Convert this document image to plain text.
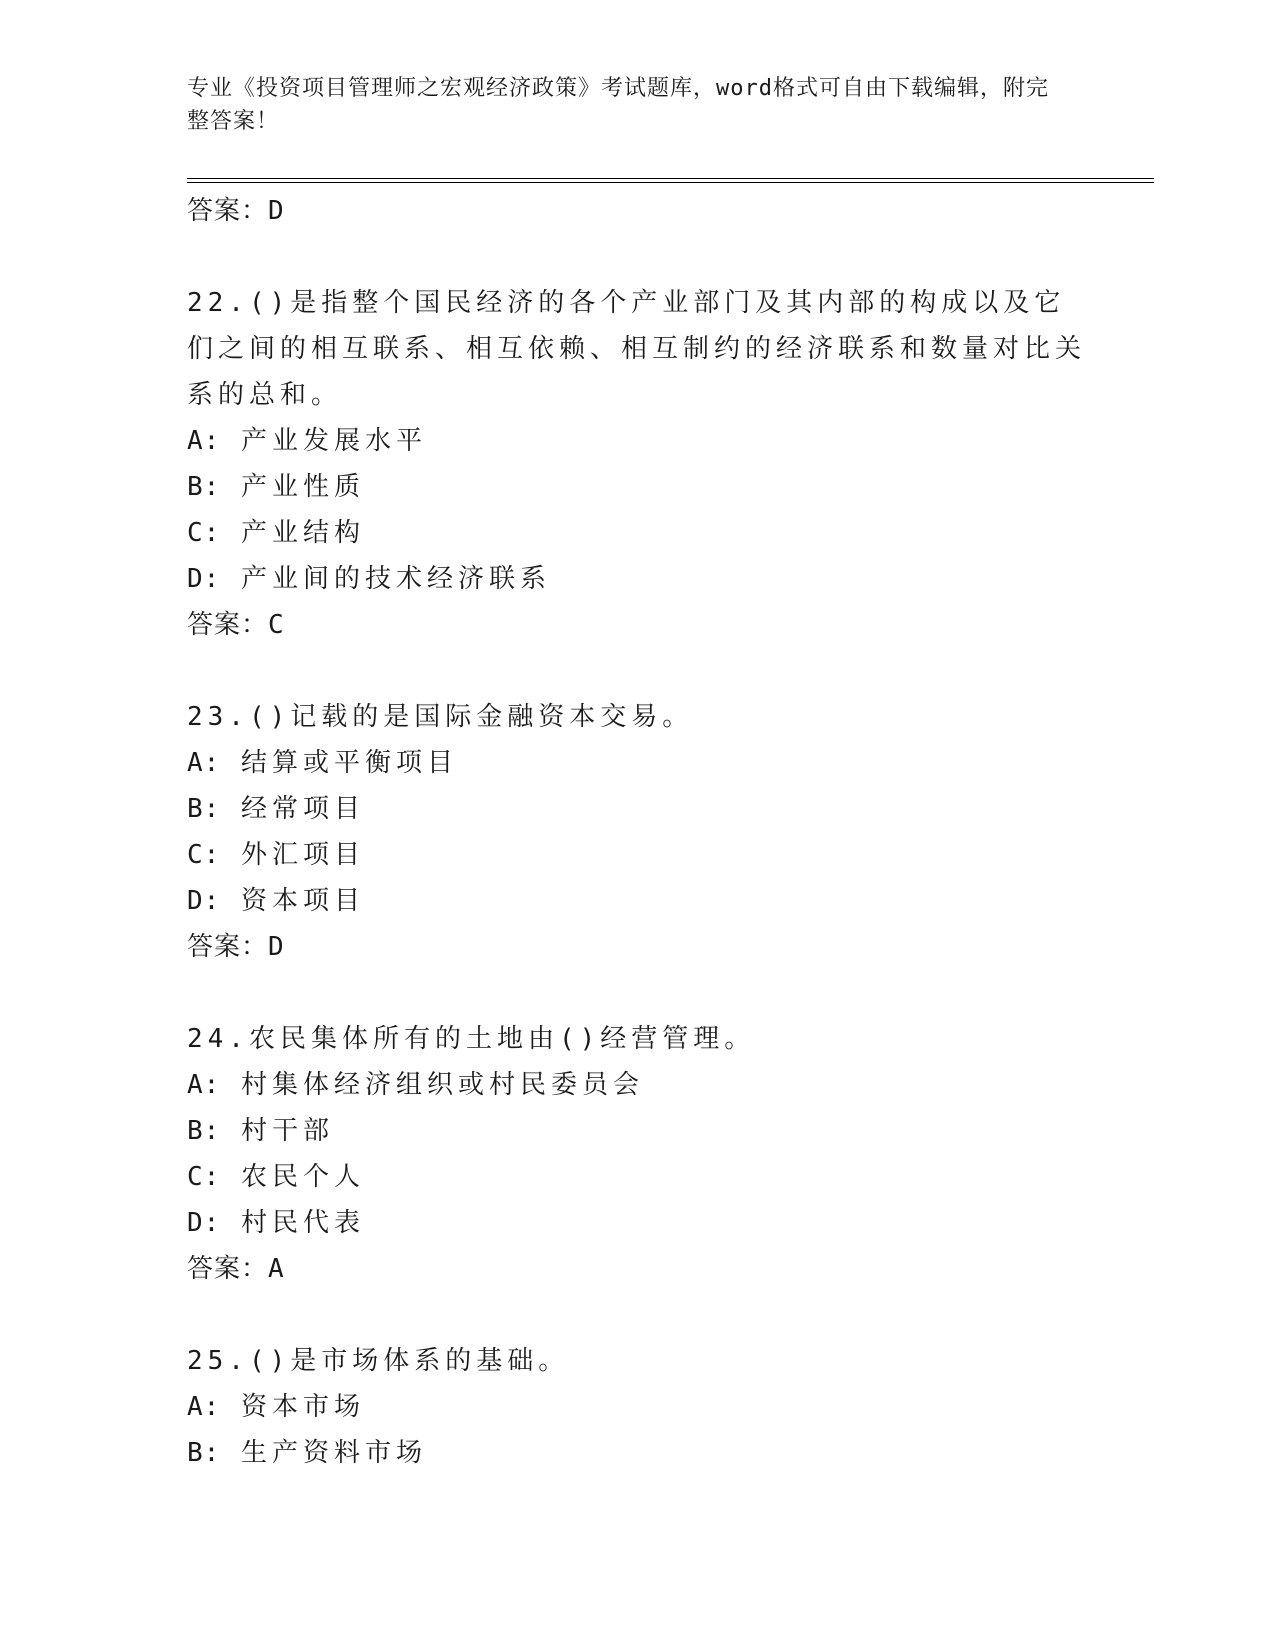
专业《投资项目管理师之宏观经济政策》考试题库，word格式可自由下载编辑，附完整答案！
答案：D
22.()是指整个国民经济的各个产业部门及其内部的构成以及它们之间的相互联系、相互依赖、相互制约的经济联系和数量对比关系的总和。
A: 产业发展水平
B: 产业性质
C: 产业结构
D: 产业间的技术经济联系
答案：C
23.()记载的是国际金融资本交易。
A: 结算或平衡项目
B: 经常项目
C: 外汇项目
D: 资本项目
答案：D
24.农民集体所有的土地由()经营管理。
A: 村集体经济组织或村民委员会
B: 村干部
C: 农民个人
D: 村民代表
答案：A
25.()是市场体系的基础。
A: 资本市场
B: 生产资料市场
